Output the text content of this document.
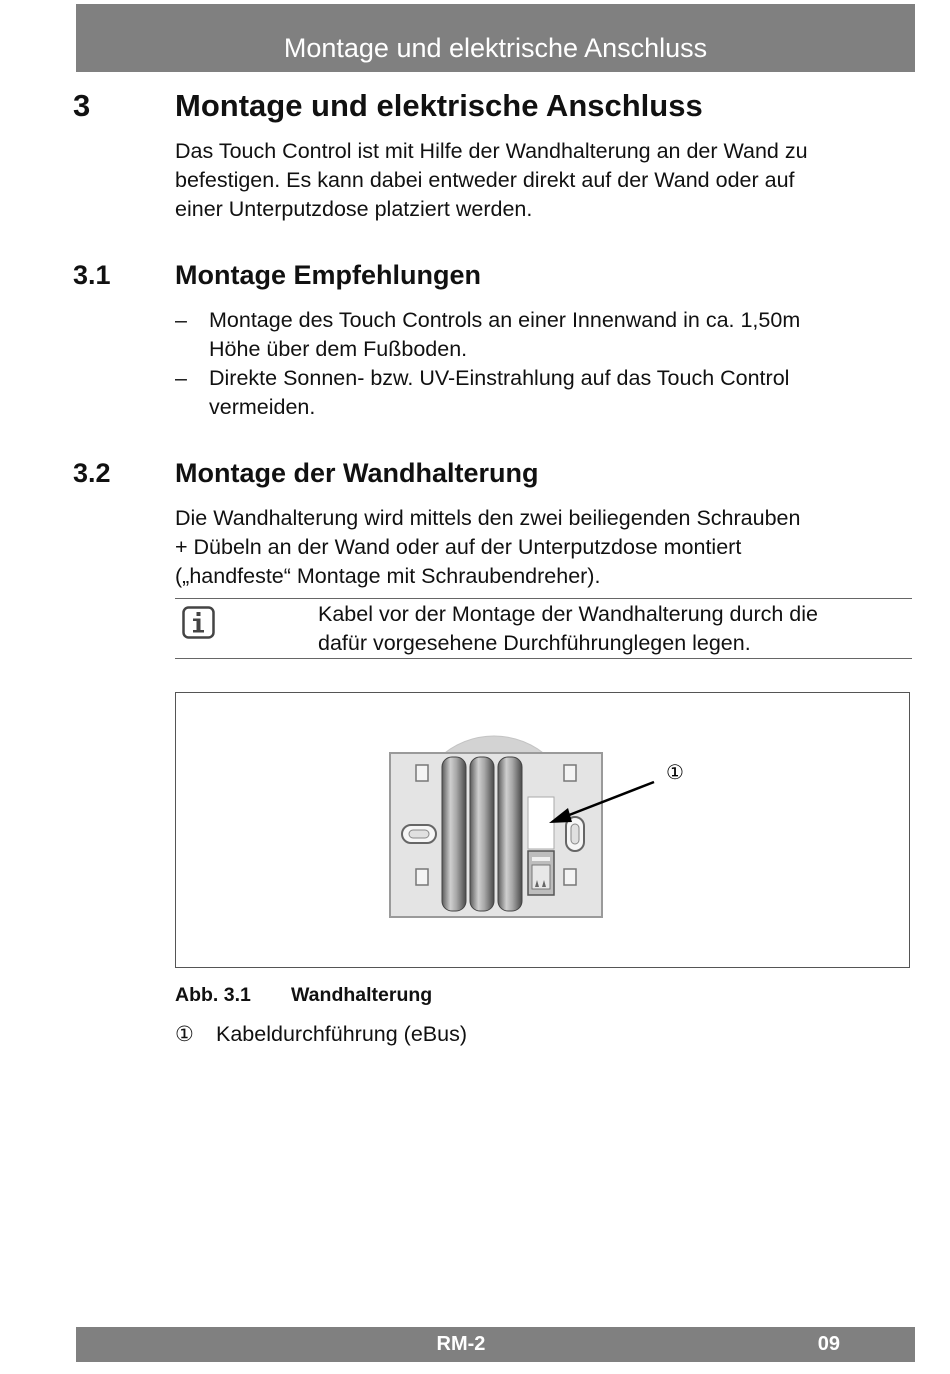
Montage und elektrische Anschluss
3	Montage und elektrische Anschluss
Das Touch Control ist mit Hilfe der Wandhalterung an der Wand zu
befestigen. Es kann dabei entweder direkt auf der Wand oder auf
einer Unterputzdose platziert werden.
3.1 Montage Empfehlungen
– Montage des Touch Controls an einer Innenwand in ca. 1,50m
Höhe über dem Fußboden.
– Direkte Sonnen- bzw. UV-Einstrahlung auf das Touch Control
vermeiden.
3.2 Montage der Wandhalterung
Die Wandhalterung wird mittels den zwei beiliegenden Schrauben
+ Dübeln an der Wand oder auf der Unterputzdose montiert
(„handfeste“ Montage mit Schraubendreher).
Kabel vor der Montage der Wandhalterung durch die
dafür vorgesehene Durchführunglegen legen.
①
Abb. 3.1 Wandhalterung
① Kabeldurchführung (eBus)
RM-2	09
